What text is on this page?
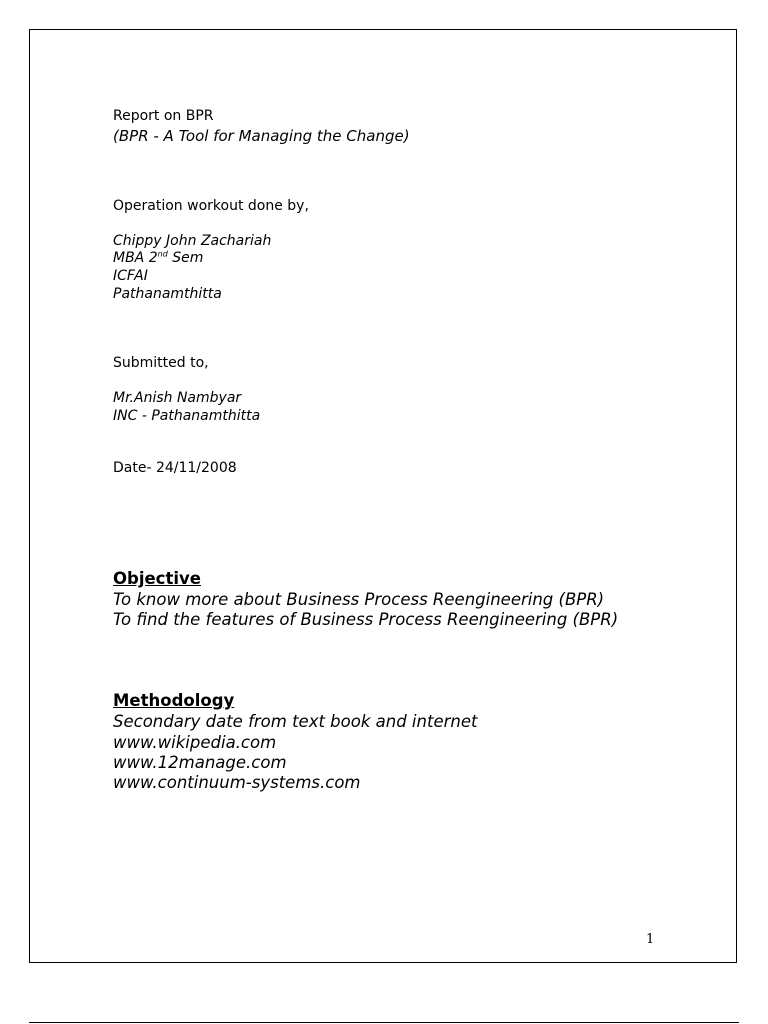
Report on BPR
(BPR - A Tool for Managing the Change)
Operation workout done by,
Chippy John Zachariah
MBA 2nd Sem
ICFAI
Pathanamthitta
Submitted to,
Mr.Anish Nambyar
INC - Pathanamthitta
Date- 24/11/2008
Objective
To know more about Business Process Reengineering (BPR)
To find the features of Business Process Reengineering (BPR)
Methodology
Secondary date from text book and internet
www.wikipedia.com
www.12manage.com
www.continuum-systems.com
1
